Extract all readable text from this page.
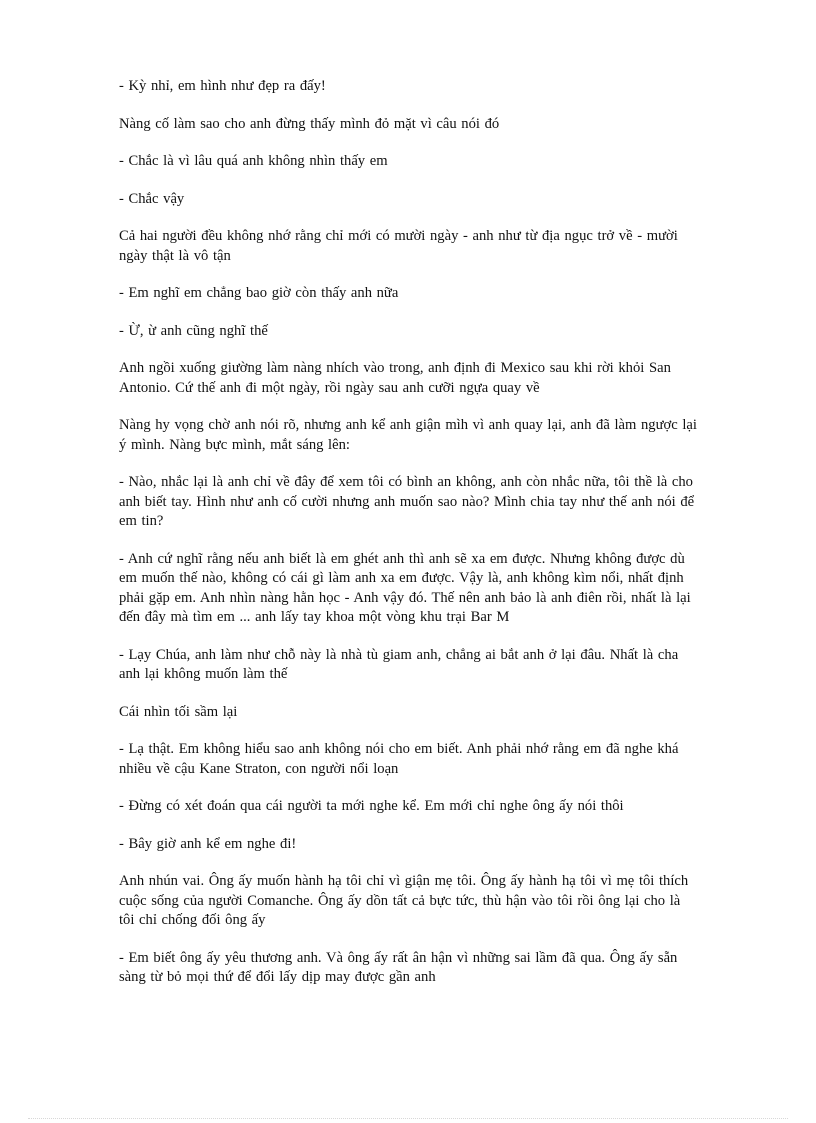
- Kỳ nhỉ, em hình như đẹp ra đấy!

Nàng cố làm sao cho anh đừng thấy mình đỏ mặt vì câu nói đó

- Chắc là vì lâu quá anh không nhìn thấy em

- Chắc vậy

Cả hai người đều không nhớ rằng chỉ mới có mười ngày - anh như từ địa ngục trở về - mười ngày thật là vô tận

- Em nghĩ em chẳng bao giờ còn thấy anh nữa

- Ừ, ừ anh cũng nghĩ thế

Anh ngồi xuống giường làm nàng nhích vào trong, anh định đi Mexico sau khi rời khỏi San Antonio. Cứ thế anh đi một ngày, rồi ngày sau anh cưỡi ngựa quay về

Nàng hy vọng chờ anh nói rõ, nhưng anh kể anh giận mìh vì anh quay lại, anh đã làm ngược lại ý mình. Nàng bực mình, mắt sáng lên:

- Nào, nhắc lại là anh chỉ về đây để xem tôi có bình an không, anh còn nhắc nữa, tôi thề là cho anh biết tay. Hình như anh cố cười nhưng anh muốn sao nào? Mình chia tay như thế anh nói để em tin?

- Anh cứ nghĩ rằng nếu anh biết là em ghét anh thì anh sẽ xa em được. Nhưng không được dù em muốn thế nào, không có cái gì làm anh xa em được. Vậy là, anh không kìm nổi, nhất định phải gặp em. Anh nhìn nàng hằn học - Anh vậy đó. Thế nên anh bảo là anh điên rồi, nhất là lại đến đây mà tìm em ... anh lấy tay khoa một vòng khu trại Bar M

- Lạy Chúa, anh làm như chỗ này là nhà tù giam anh, chẳng ai bắt anh ở lại đâu. Nhất là cha anh lại không muốn làm thế

Cái nhìn tối sầm lại

- Lạ thật. Em không hiểu sao anh không nói cho em biết. Anh phải nhớ rằng em đã nghe khá nhiều về cậu Kane Straton, con người nổi loạn

- Đừng có xét đoán qua cái người ta mới nghe kể. Em mới chỉ nghe ông ấy nói thôi

- Bây giờ anh kể em nghe đi!

Anh nhún vai. Ông ấy muốn hành hạ tôi chỉ vì giận mẹ tôi. Ông ấy hành hạ tôi vì mẹ tôi thích cuộc sống của người Comanche. Ông ấy dồn tất cả bực tức, thù hận vào tôi rồi ông lại cho là tôi chỉ chống đối ông ấy

- Em biết ông ấy yêu thương anh. Và ông ấy rất ân hận vì những sai lầm đã qua. Ông ấy sẵn sàng từ bỏ mọi thứ để đổi lấy dịp may được gần anh
